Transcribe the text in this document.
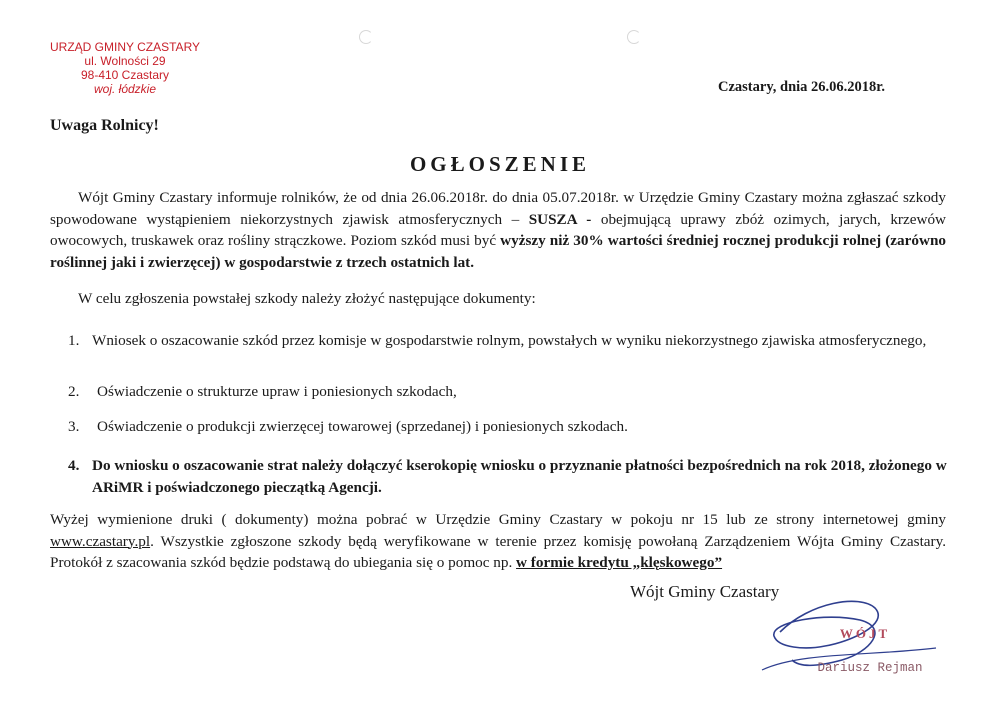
URZĄD GMINY CZASTARY
ul. Wolności 29
98-410 Czastary
woj. łódzkie	Czastary, dnia 26.06.2018r.
Uwaga Rolnicy!
OGŁOSZENIE
Wójt Gminy Czastary informuje rolników, że od dnia 26.06.2018r. do dnia 05.07.2018r. w Urzędzie Gminy Czastary można zgłaszać szkody spowodowane wystąpieniem niekorzystnych zjawisk atmosferycznych – SUSZA - obejmującą uprawy zbóż ozimych, jarych, krzewów owocowych, truskawek oraz rośliny strączkowe. Poziom szkód musi być wyższy niż 30% wartości średniej rocznej produkcji rolnej (zarówno roślinnej jaki i zwierzęcej) w gospodarstwie z trzech ostatnich lat.
W celu zgłoszenia powstałej szkody należy złożyć następujące dokumenty:
1. Wniosek o oszacowanie szkód przez komisje w gospodarstwie rolnym, powstałych w wyniku niekorzystnego zjawiska atmosferycznego,
2. Oświadczenie o strukturze upraw i poniesionych szkodach,
3. Oświadczenie o produkcji zwierzęcej towarowej (sprzedanej) i poniesionych szkodach.
4. Do wniosku o oszacowanie strat należy dołączyć kserokopię wniosku o przyznanie płatności bezpośrednich na rok 2018, złożonego w ARiMR i poświadczonego pieczątką Agencji.
Wyżej wymienione druki ( dokumenty) można pobrać w Urzędzie Gminy Czastary w pokoju nr 15 lub ze strony internetowej gminy www.czastary.pl. Wszystkie zgłoszone szkody będą weryfikowane w terenie przez komisję powołaną Zarządzeniem Wójta Gminy Czastary. Protokół z szacowania szkód będzie podstawą do ubiegania się o pomoc np. w formie kredytu „klęskowego”
Wójt Gminy Czastary
WÓJT
Dariusz Rejman
